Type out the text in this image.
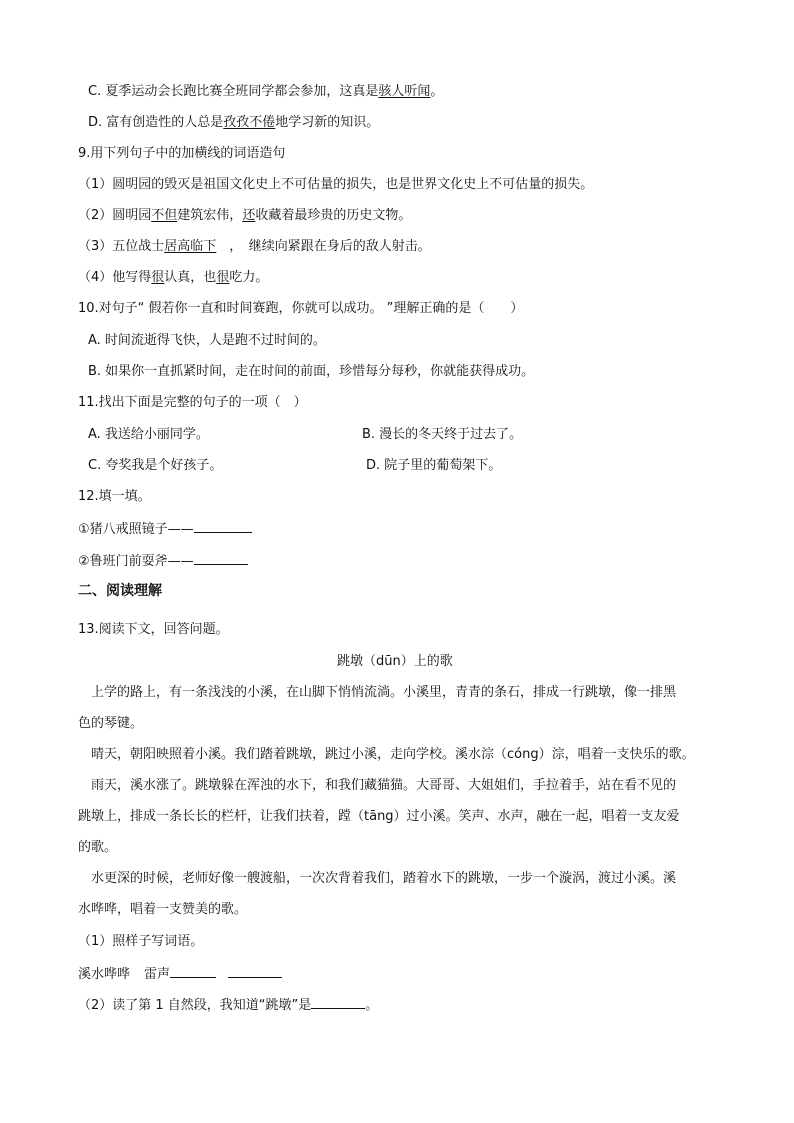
C. 夏季运动会长跑比赛全班同学都会参加，这真是骇人听闻。
D. 富有创造性的人总是孜孜不倦地学习新的知识。
9.用下列句子中的加横线的词语造句
（1）圆明园的毁灭是祖国文化史上不可估量的损失，也是世界文化史上不可估量的损失。
（2）圆明园不但建筑宏伟，还收藏着最珍贵的历史文物。
（3）五位战士居高临下　，　继续向紧跟在身后的敌人射击。
（4）他写得很认真，也很吃力。
10.对句子“ 假若你一直和时间赛跑，你就可以成功。 ”理解正确的是（　　）
A. 时间流逝得飞快，人是跑不过时间的。
B. 如果你一直抓紧时间，走在时间的前面，珍惜每分每秒，你就能获得成功。
11.找出下面是完整的句子的一项（　）
A. 我送给小丽同学。	B. 漫长的冬天终于过去了。
C. 夸奖我是个好孩子。	D. 院子里的葡萄架下。
12.填一填。
①猪八戒照镜子——
②鲁班门前耍斧——
二、阅读理解
13.阅读下文，回答问题。
跳墩（dūn）上的歌
　上学的路上，有一条浅浅的小溪，在山脚下悄悄流淌。小溪里，青青的条石，排成一行跳墩，像一排黑
色的琴键。
　晴天，朝阳映照着小溪。我们踏着跳墩，跳过小溪，走向学校。溪水淙（cóng）淙，唱着一支快乐的歌。
　雨天，溪水涨了。跳墩躲在浑浊的水下，和我们藏猫猫。大哥哥、大姐姐们，手拉着手，站在看不见的
跳墩上，排成一条长长的栏杆，让我们扶着，蹚（tāng）过小溪。笑声、水声，融在一起，唱着一支友爱
的歌。
　水更深的时候，老师好像一艘渡船，一次次背着我们，踏着水下的跳墩，一步一个漩涡，渡过小溪。溪
水哗哗，唱着一支赞美的歌。
（1）照样子写词语。
溪水哗哗 雷声
（2）读了第 1 自然段，我知道“跳墩”是	。
